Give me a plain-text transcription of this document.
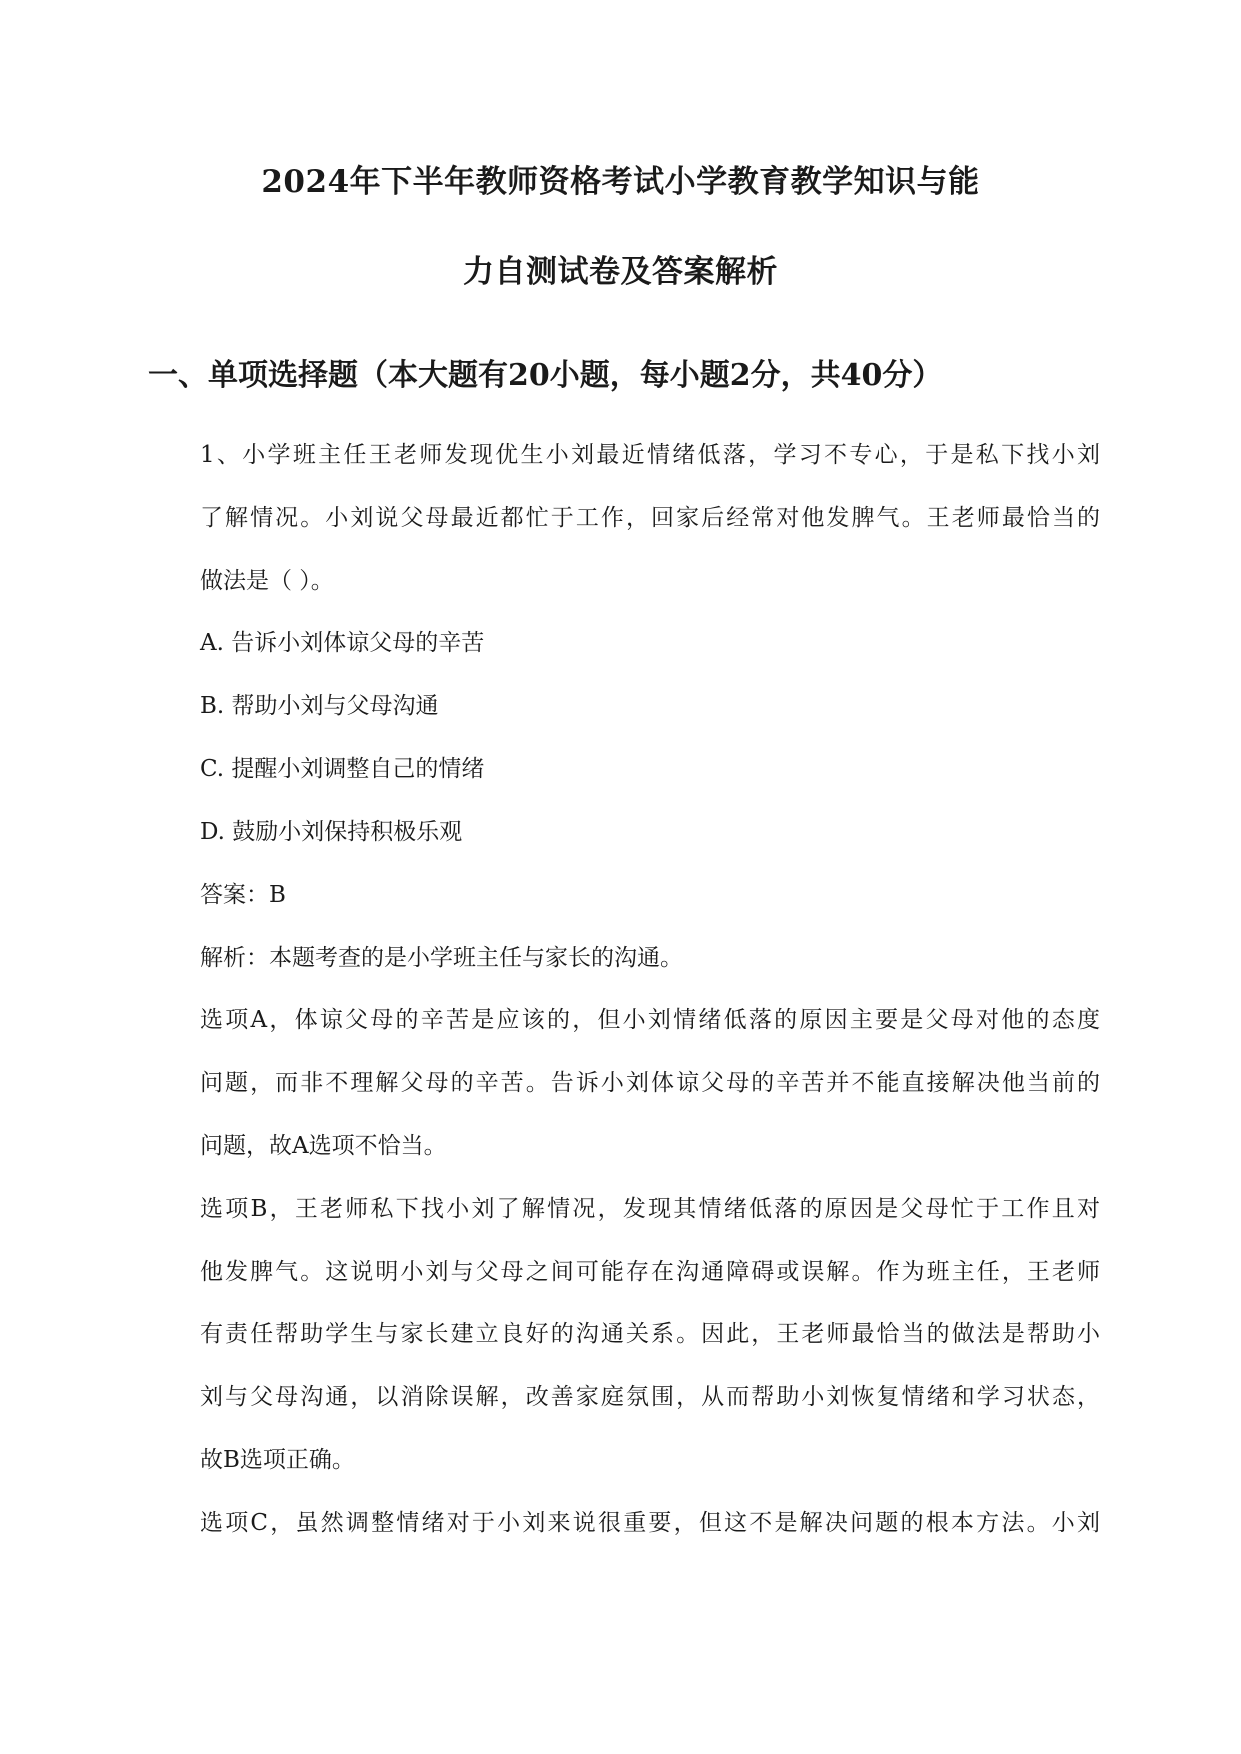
2024年下半年教师资格考试小学教育教学知识与能
力自测试卷及答案解析
一、单项选择题（本大题有20小题，每小题2分，共40分）
1、小学班主任王老师发现优生小刘最近情绪低落，学习不专心，于是私下找小刘
了解情况。小刘说父母最近都忙于工作，回家后经常对他发脾气。王老师最恰当的
做法是（ ）。
A. 告诉小刘体谅父母的辛苦
B. 帮助小刘与父母沟通
C. 提醒小刘调整自己的情绪
D. 鼓励小刘保持积极乐观
答案：B
解析：本题考查的是小学班主任与家长的沟通。
选项A，体谅父母的辛苦是应该的，但小刘情绪低落的原因主要是父母对他的态度
问题，而非不理解父母的辛苦。告诉小刘体谅父母的辛苦并不能直接解决他当前的
问题，故A选项不恰当。
选项B，王老师私下找小刘了解情况，发现其情绪低落的原因是父母忙于工作且对
他发脾气。这说明小刘与父母之间可能存在沟通障碍或误解。作为班主任，王老师
有责任帮助学生与家长建立良好的沟通关系。因此，王老师最恰当的做法是帮助小
刘与父母沟通，以消除误解，改善家庭氛围，从而帮助小刘恢复情绪和学习状态，
故B选项正确。
选项C，虽然调整情绪对于小刘来说很重要，但这不是解决问题的根本方法。小刘
